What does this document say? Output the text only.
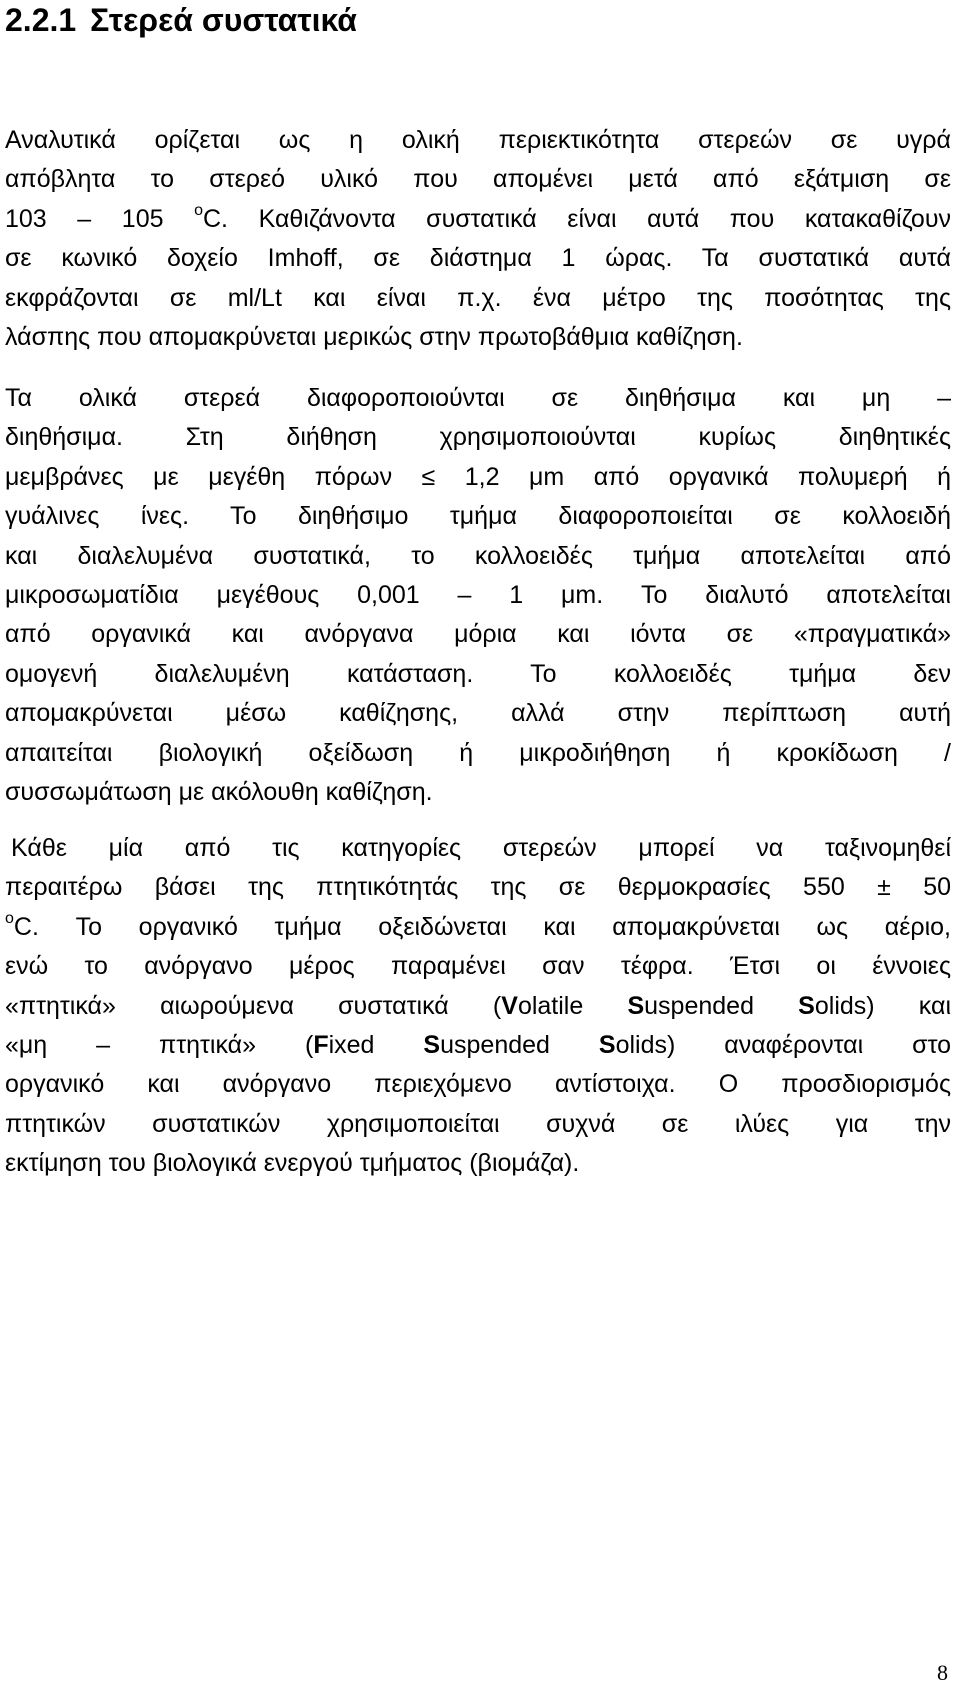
2.2.1 Στερεά συστατικά
Αναλυτικά ορίζεται ως η ολική περιεκτικότητα στερεών σε υγρά
απόβλητα το στερεό υλικό που απομένει μετά από εξάτμιση σε
103 – 105 $^o$C. Καθιζάνοντα συστατικά είναι αυτά που κατακαθίζουν
σε κωνικό δοχείο Imhoff, σε διάστημα 1 ώρας. Τα συστατικά αυτά
εκφράζονται σε ml/Lt και είναι π.χ. ένα μέτρο της ποσότητας της
λάσπης που απομακρύνεται μερικώς στην πρωτοβάθμια καθίζηση.
Τα ολικά στερεά διαφοροποιούνται σε διηθήσιμα και μη –
διηθήσιμα. Στη διήθηση χρησιμοποιούνται κυρίως διηθητικές
μεμβράνες με μεγέθη πόρων ≤ 1,2 μm από οργανικά πολυμερή ή
γυάλινες ίνες. Το διηθήσιμο τμήμα διαφοροποιείται σε κολλοειδή
και διαλελυμένα συστατικά, το κολλοειδές τμήμα αποτελείται από
μικροσωματίδια μεγέθους 0,001 – 1 μm. Το διαλυτό αποτελείται
από οργανικά και ανόργανα μόρια και ιόντα σε «πραγματικά»
ομογενή διαλελυμένη κατάσταση. Το κολλοειδές τμήμα δεν
απομακρύνεται μέσω καθίζησης, αλλά στην περίπτωση αυτή
απαιτείται βιολογική οξείδωση ή μικροδιήθηση ή κροκίδωση /
συσσωμάτωση με ακόλουθη καθίζηση.
Κάθε μία από τις κατηγορίες στερεών μπορεί να ταξινομηθεί
περαιτέρω βάσει της πτητικότητάς της σε θερμοκρασίες 550 ± 50
$^o$C. Το οργανικό τμήμα οξειδώνεται και απομακρύνεται ως αέριο,
ενώ το ανόργανο μέρος παραμένει σαν τέφρα. Έτσι οι έννοιες
«πτητικά» αιωρούμενα συστατικά (Volatile Suspended Solids) και
«μη – πτητικά» (Fixed Suspended Solids) αναφέρονται στο
οργανικό και ανόργανο περιεχόμενο αντίστοιχα. Ο προσδιορισμός
πτητικών συστατικών χρησιμοποιείται συχνά σε ιλύες για την
εκτίμηση του βιολογικά ενεργού τμήματος (βιομάζα).
8
